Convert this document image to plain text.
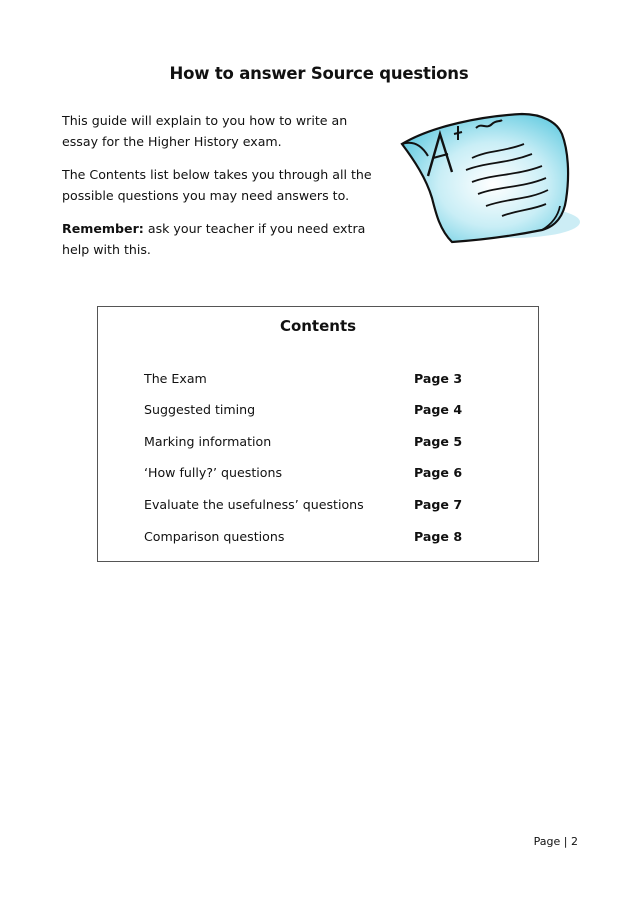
How to answer Source questions

This guide will explain to you how to write an essay for the Higher History exam.

The Contents list below takes you through all the possible questions you may need answers to.

Remember: ask your teacher if you need extra help with this.

Contents
The Exam	Page 3
Suggested timing	Page 4
Marking information	Page 5
‘How fully?’ questions	Page 6
Evaluate the usefulness’ questions	Page 7
Comparison questions	Page 8
Page | 2
